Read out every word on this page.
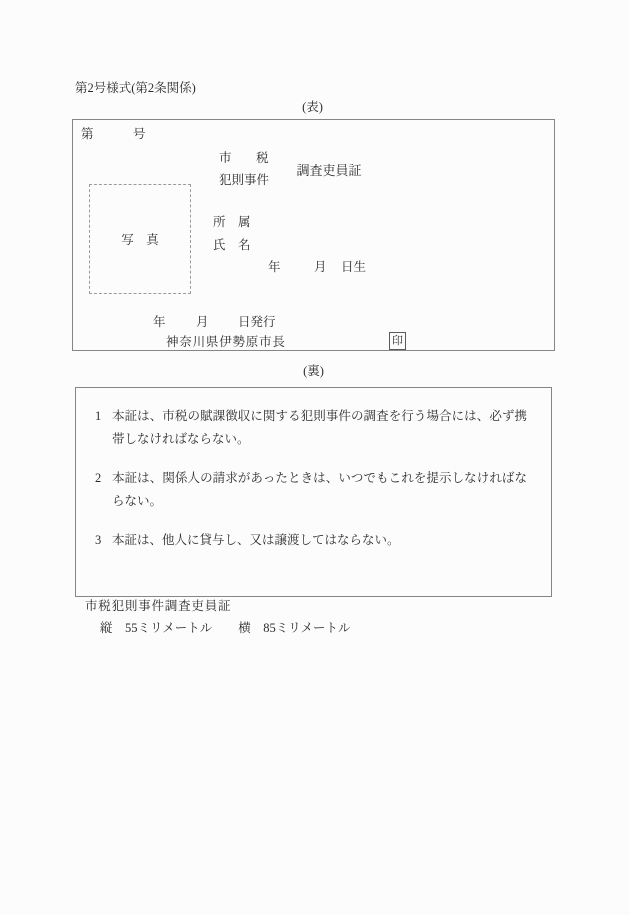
第2号様式(第2条関係)
(表)
第	号
市　税
犯則事件
調査吏員証
写　真
所　属
氏　名
年	月 日生
年 月 日発行
神奈川県伊勢原市長	印
(裏)
1 本証は、市税の賦課徴収に関する犯則事件の調査を行う場合には、必ず携帯しなければならない。
2 本証は、関係人の請求があったときは、いつでもこれを提示しなければならない。
3 本証は、他人に貸与し、又は譲渡してはならない。
市税犯則事件調査吏員証
縦　55ミリメートル 横　85ミリメートル
